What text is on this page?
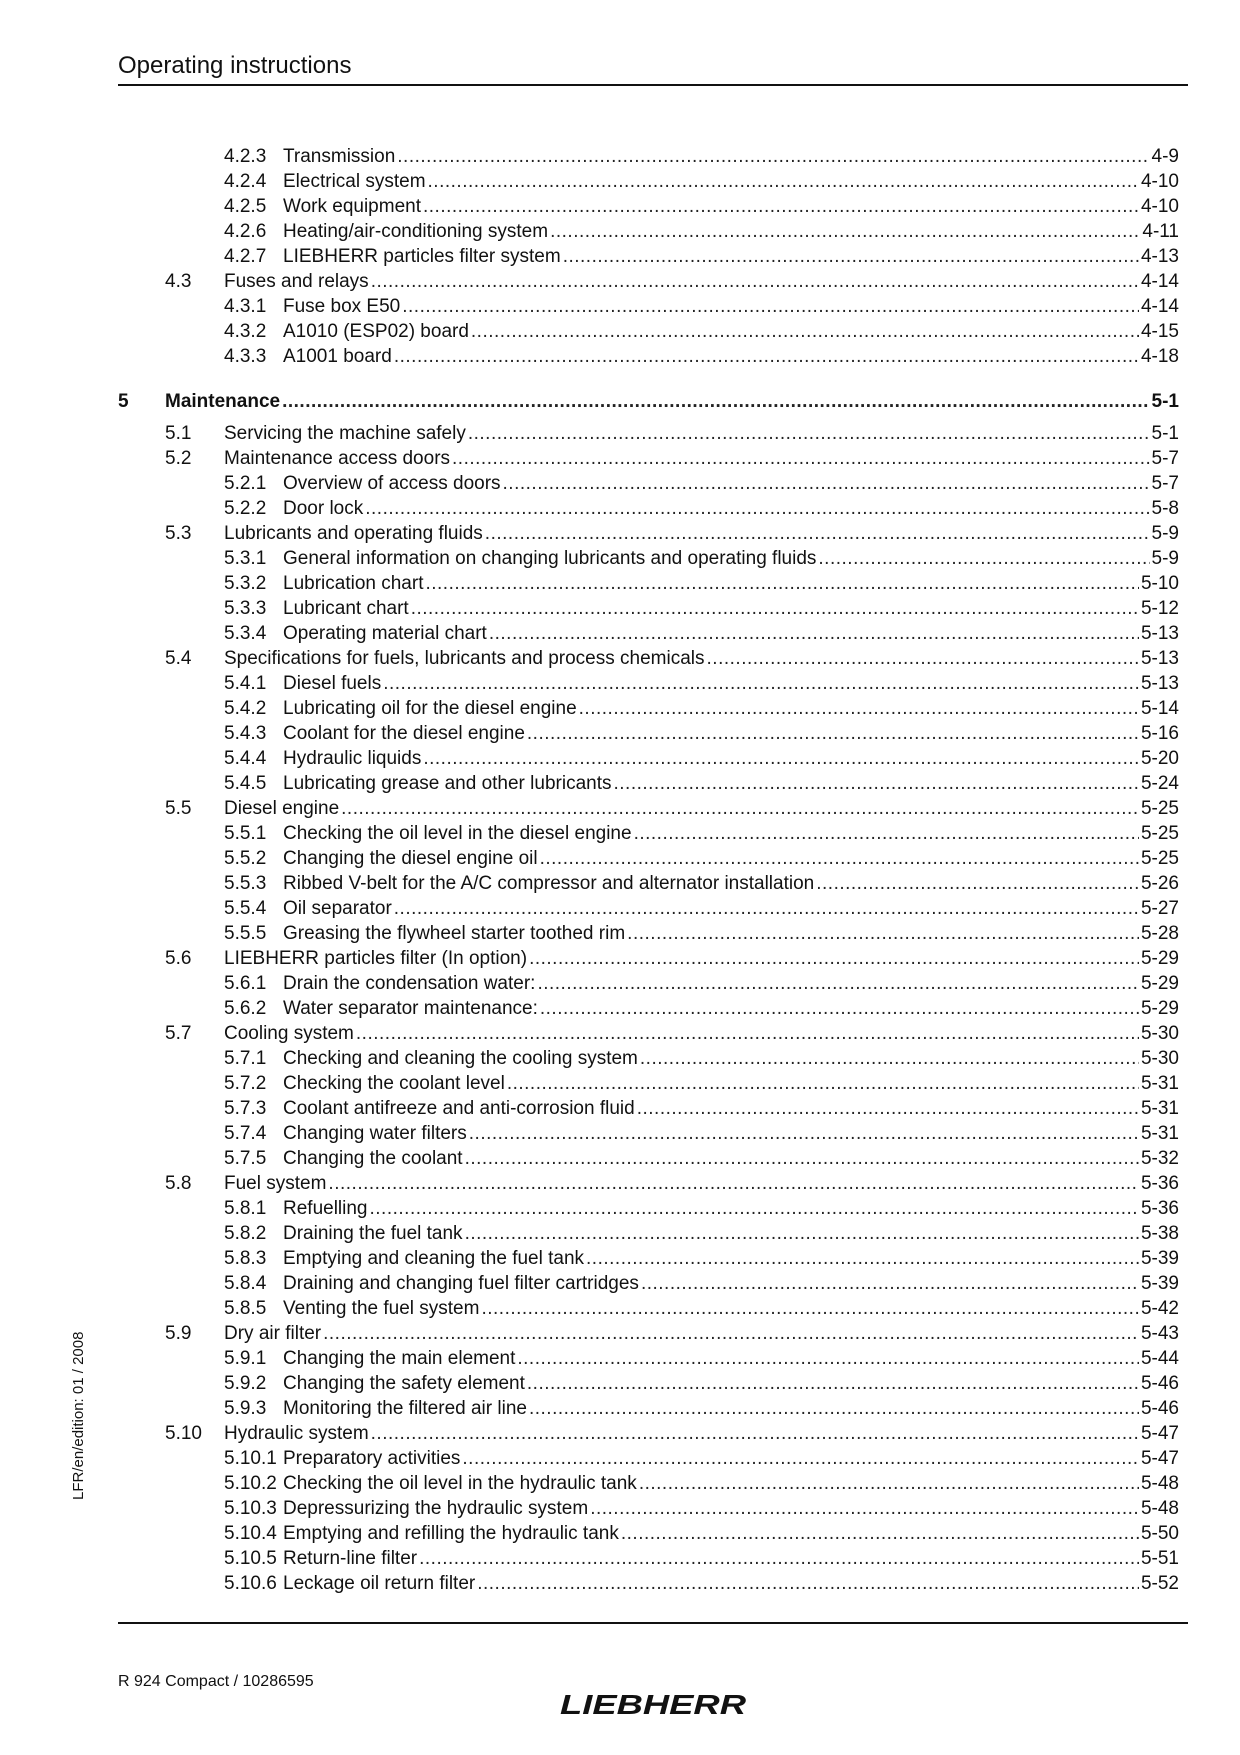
Operating instructions
4.2.3 Transmission .....	4-9
4.2.4 Electrical system .....	4-10
4.2.5 Work equipment .....	4-10
4.2.6 Heating/air-conditioning system .....	4-11
4.2.7 LIEBHERR particles filter system .....	4-13
4.3 Fuses and relays .....	4-14
4.3.1 Fuse box E50 .....	4-14
4.3.2 A1010 (ESP02) board .....	4-15
4.3.3 A1001 board .....	4-18
5 Maintenance .....	5-1
5.1 Servicing the machine safely .....	5-1
5.2 Maintenance access doors .....	5-7
5.2.1 Overview of access doors .....	5-7
5.2.2 Door lock .....	5-8
5.3 Lubricants and operating fluids .....	5-9
5.3.1 General information on changing lubricants and operating fluids .....	5-9
5.3.2 Lubrication chart .....	5-10
5.3.3 Lubricant chart .....	5-12
5.3.4 Operating material chart .....	5-13
5.4 Specifications for fuels, lubricants and process chemicals .....	5-13
5.4.1 Diesel fuels .....	5-13
5.4.2 Lubricating oil for the diesel engine .....	5-14
5.4.3 Coolant for the diesel engine .....	5-16
5.4.4 Hydraulic liquids .....	5-20
5.4.5 Lubricating grease and other lubricants .....	5-24
5.5 Diesel engine .....	5-25
5.5.1 Checking the oil level in the diesel engine .....	5-25
5.5.2 Changing the diesel engine oil .....	5-25
5.5.3 Ribbed V-belt for the A/C compressor and alternator installation .....	5-26
5.5.4 Oil separator .....	5-27
5.5.5 Greasing the flywheel starter toothed rim .....	5-28
5.6 LIEBHERR particles filter (In option) .....	5-29
5.6.1 Drain the condensation water: .....	5-29
5.6.2 Water separator maintenance: .....	5-29
5.7 Cooling system .....	5-30
5.7.1 Checking and cleaning the cooling system .....	5-30
5.7.2 Checking the coolant level .....	5-31
5.7.3 Coolant antifreeze and anti-corrosion fluid .....	5-31
5.7.4 Changing water filters .....	5-31
5.7.5 Changing the coolant .....	5-32
5.8 Fuel system .....	5-36
5.8.1 Refuelling .....	5-36
5.8.2 Draining the fuel tank .....	5-38
5.8.3 Emptying and cleaning the fuel tank .....	5-39
5.8.4 Draining and changing fuel filter cartridges .....	5-39
5.8.5 Venting the fuel system .....	5-42
5.9 Dry air filter .....	5-43
5.9.1 Changing the main element .....	5-44
5.9.2 Changing the safety element .....	5-46
5.9.3 Monitoring the filtered air line .....	5-46
5.10 Hydraulic system .....	5-47
5.10.1 Preparatory activities .....	5-47
5.10.2 Checking the oil level in the hydraulic tank .....	5-48
5.10.3 Depressurizing the hydraulic system .....	5-48
5.10.4 Emptying and refilling the hydraulic tank .....	5-50
5.10.5 Return-line filter .....	5-51
5.10.6 Leckage oil return filter .....	5-52
LFR/en/edition: 01 / 2008
R 924 Compact / 10286595
LIEBHERR
